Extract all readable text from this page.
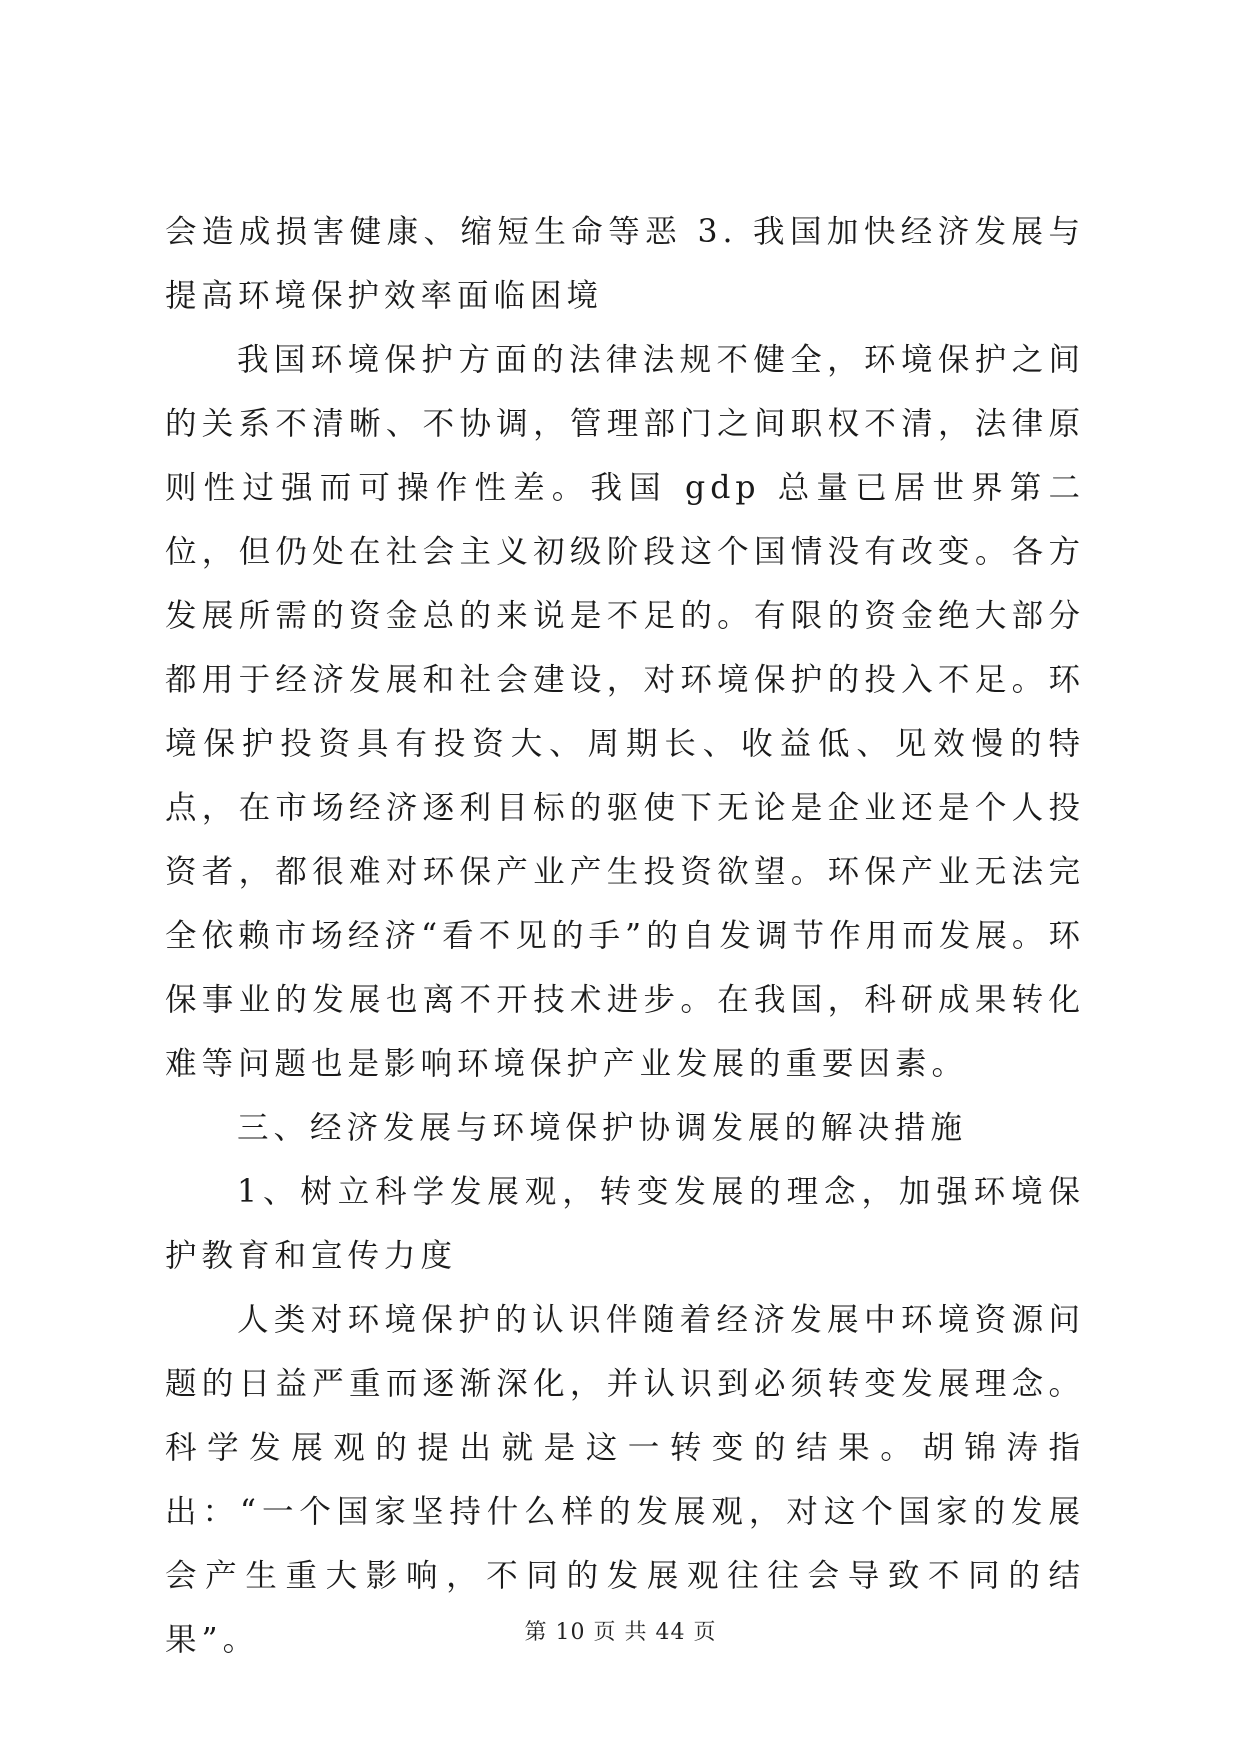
会造成损害健康、缩短生命等恶 3. 我国加快经济发展与提高环境保护效率面临困境

我国环境保护方面的法律法规不健全，环境保护之间的关系不清晰、不协调，管理部门之间职权不清，法律原则性过强而可操作性差。我国 gdp 总量已居世界第二位，但仍处在社会主义初级阶段这个国情没有改变。各方发展所需的资金总的来说是不足的。有限的资金绝大部分都用于经济发展和社会建设，对环境保护的投入不足。环境保护投资具有投资大、周期长、收益低、见效慢的特点，在市场经济逐利目标的驱使下无论是企业还是个人投资者，都很难对环保产业产生投资欲望。环保产业无法完全依赖市场经济“看不见的手”的自发调节作用而发展。环保事业的发展也离不开技术进步。在我国，科研成果转化难等问题也是影响环境保护产业发展的重要因素。

三、经济发展与环境保护协调发展的解决措施

1、树立科学发展观，转变发展的理念，加强环境保护教育和宣传力度

人类对环境保护的认识伴随着经济发展中环境资源问题的日益严重而逐渐深化，并认识到必须转变发展理念。科学发展观的提出就是这一转变的结果。胡锦涛指出：“一个国家坚持什么样的发展观，对这个国家的发展会产生重大影响，不同的发展观往往会导致不同的结果”。	第 10 页 共 44 页
